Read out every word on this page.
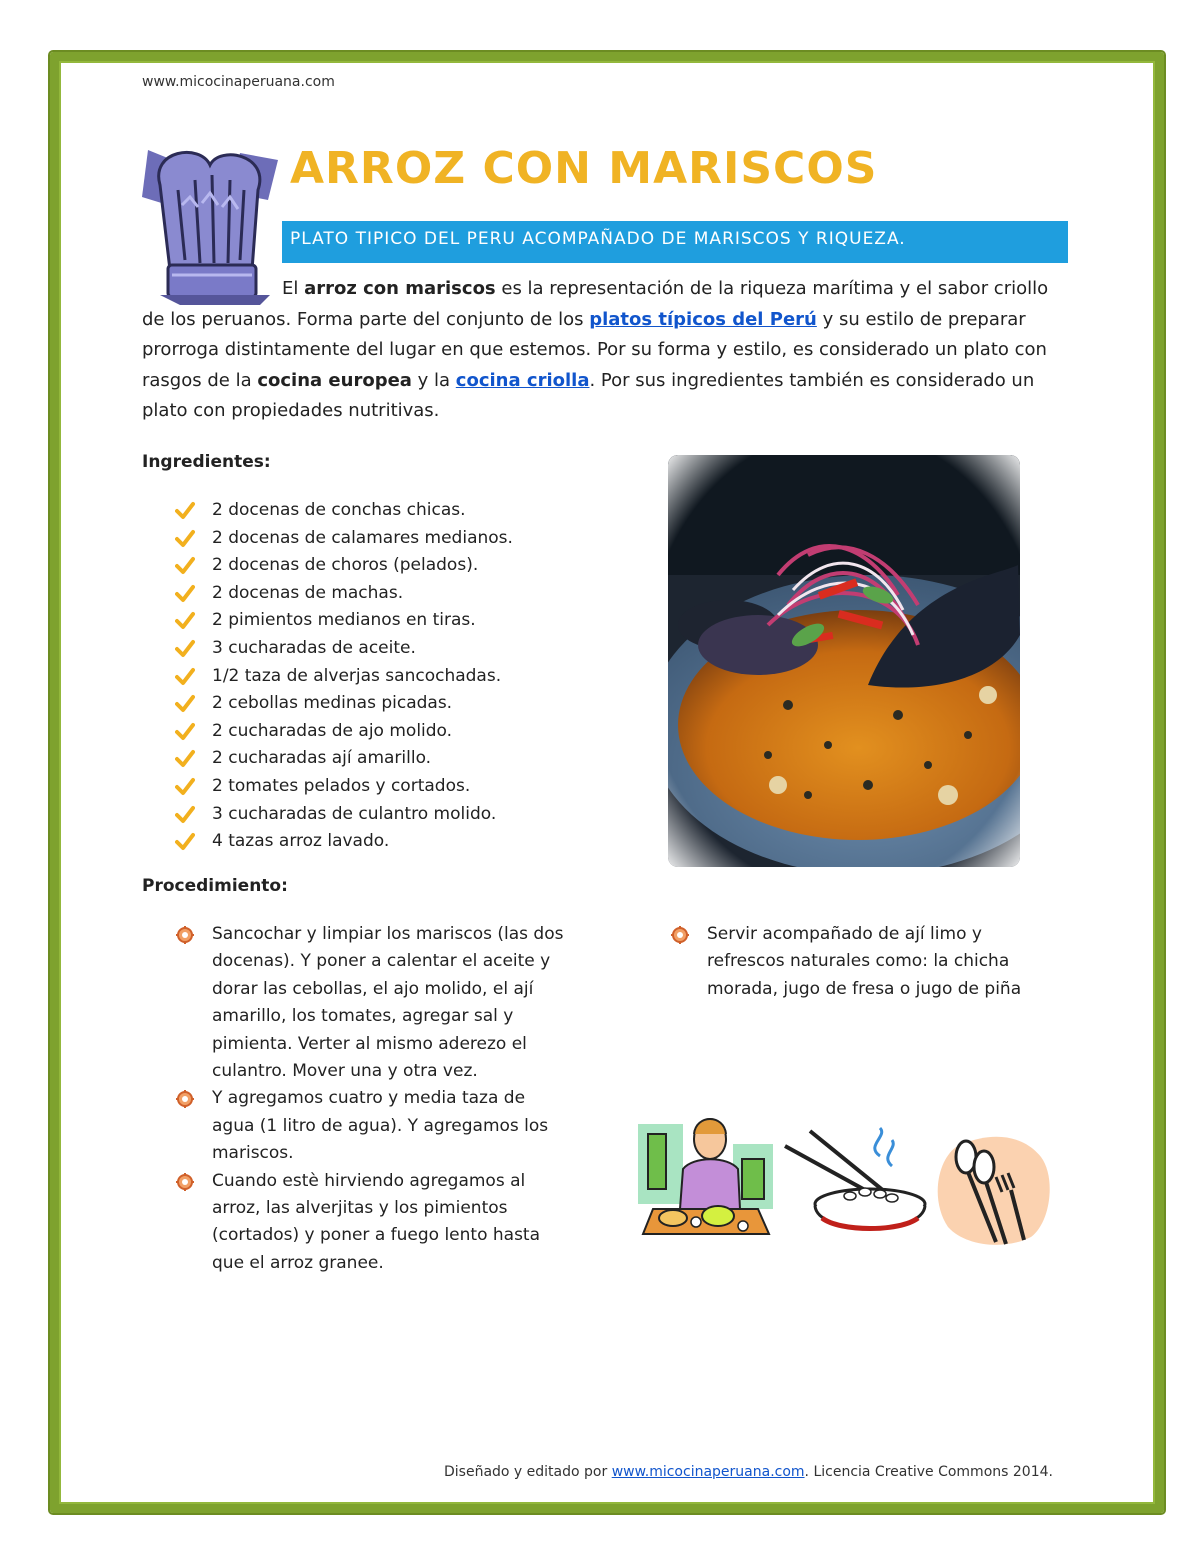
www.micocinaperuana.com
ARROZ CON MARISCOS
PLATO TIPICO DEL PERU ACOMPAÑADO DE MARISCOS Y RIQUEZA.

El arroz con mariscos es la representación de la riqueza marítima y el sabor criollo de los peruanos. Forma parte del conjunto de los platos típicos del Perú y su estilo de preparar prorroga distintamente del lugar en que estemos. Por su forma y estilo, es considerado un plato con rasgos de la cocina europea y la cocina criolla. Por sus ingredientes también es considerado un plato con propiedades nutritivas.

Ingredientes:
2 docenas de conchas chicas.
2 docenas de calamares medianos.
2 docenas de choros (pelados).
2 docenas de machas.
2 pimientos medianos en tiras.
3 cucharadas de aceite.
1/2 taza de alverjas sancochadas.
2 cebollas medinas picadas.
2 cucharadas de ajo molido.
2 cucharadas ají amarillo.
2 tomates pelados y cortados.
3 cucharadas de culantro molido.
4 tazas arroz lavado.
Procedimiento:
Sancochar y limpiar los mariscos (las dos docenas). Y poner a calentar el aceite y dorar las cebollas, el ajo molido, el ají amarillo, los tomates, agregar sal y pimienta. Verter al mismo aderezo el culantro. Mover una y otra vez.
Y agregamos cuatro y media taza de agua (1 litro de agua). Y agregamos los mariscos.
Cuando estè hirviendo agregamos al arroz, las alverjitas y los pimientos (cortados) y poner a fuego lento hasta que el arroz granee.
Servir acompañado de ají limo y refrescos naturales como: la chicha morada, jugo de fresa o jugo de piña
Diseñado y editado por www.micocinaperuana.com. Licencia Creative Commons 2014.
